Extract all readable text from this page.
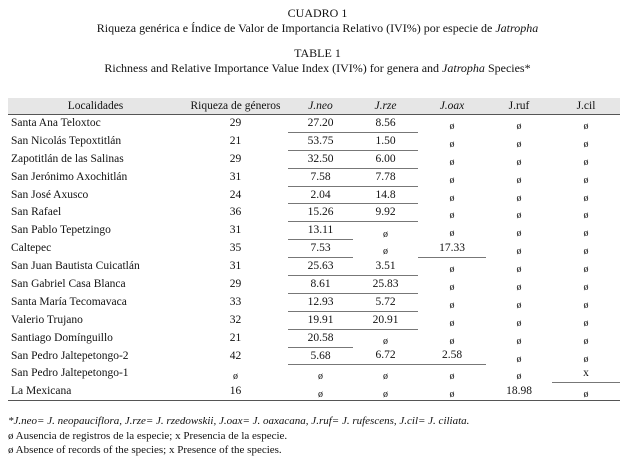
CUADRO 1
Riqueza genérica e Índice de Valor de Importancia Relativo (IVI%) por especie de Jatropha
TABLE 1
Richness and Relative Importance Value Index (IVI%) for genera and Jatropha Species*
Localidades	Riqueza de géneros	J.neo	J.rze	J.oax	J.ruf	J.cil
Santa Ana Teloxtoc	29	27.20	8.56	ø	ø	ø
San Nicolás Tepoxtitlán	21	53.75	1.50	ø	ø	ø
Zapotitlán de las Salinas	29	32.50	6.00	ø	ø	ø
San Jerónimo Axochitlán	31	7.58	7.78	ø	ø	ø
San José Axusco	24	2.04	14.8	ø	ø	ø
San Rafael	36	15.26	9.92	ø	ø	ø
San Pablo Tepetzingo	31	13.11	ø	ø	ø	ø
Caltepec	35	7.53	ø	17.33	ø	ø
San Juan Bautista Cuicatlán	31	25.63	3.51	ø	ø	ø
San Gabriel Casa Blanca	29	8.61	25.83	ø	ø	ø
Santa María Tecomavaca	33	12.93	5.72	ø	ø	ø
Valerio Trujano	32	19.91	20.91	ø	ø	ø
Santiago Domínguillo	21	20.58	ø	ø	ø	ø
San Pedro Jaltepetongo-2	42	5.68	6.72	2.58	ø	ø
San Pedro Jaltepetongo-1	ø	ø	ø	ø	ø	x
La Mexicana	16	ø	ø	ø	18.98	ø
*J.neo= J. neopauciflora, J.rze= J. rzedowskii, J.oax= J. oaxacana, J.ruf= J. rufescens, J.cil= J. ciliata.
ø Ausencia de registros de la especie; x Presencia de la especie.
ø Absence of records of the species; x Presence of the species.
